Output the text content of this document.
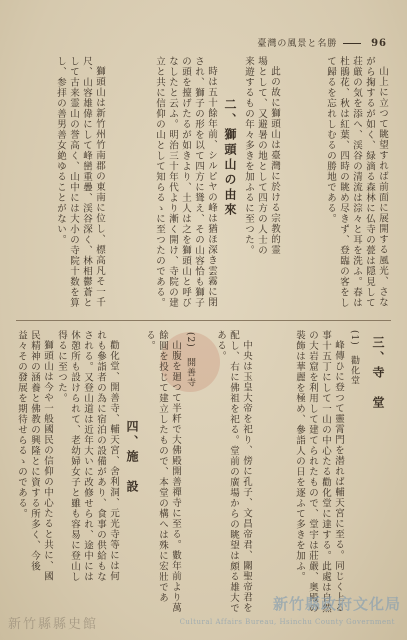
臺灣の風景と名勝	96

山上に立つて眺望すれば前面に展開する風光、さながら掬するが如く、緑滴る森林に仏寺の甍は隠見して荘厳の気を添へ、渓谷の清流は淙々と耳を洗ふ。春は杜鵑花、秋は紅葉、四時の眺め尽きず、登臨の客をして歸るを忘れしむるの勝地である。

此の故に獅頭山は臺灣に於ける宗教的霊場として、又避暑の地として四方の人士の来遊するもの年々多きを加ふるに至つた。

二、獅頭山の由來

時は五十餘年前、シルピヤの峰は猶ほ深き雲霧に閉され、獅子の形を以て四方に聳え、その山容恰も獅子の頭を擡げたるが如きより、土人は之を獅頭山と呼びなしたと云ふ。明治三十年代より漸く開け、寺院の建立と共に信仰の山として知らるゝに至つたのである。

獅頭山は新竹州竹南郡の東南に位し、標高凡そ一千尺、山容雄偉にして峰巒重疊、渓谷深く、林相鬱蒼として古来霊山の誉高く、山中には大小の寺院十数を算し、参拝の善男善女絶ゆることがない。

三、寺　堂
(1)　勸化堂

峰傳ひに登つて靈霄門を潜れば輔天宮に至る。同じく上る事十五丁にして一山の中心たる勸化堂に達する。此處は自然の大岩窟を利用して建てられたもので、堂宇は莊嚴、奥殿の裝飾は華麗を極め、參詣人の日を逐ふて多きを加ふ。

中央は玉皇大帝を祀り、傍に孔子、文昌帝君、關聖帝君を配し、右に佛祖を祀る。堂前の廣場からの眺望は頗る雄大である。

(2)　開善寺

山腹を廻つて半粁で大佛殿開善禪寺に至る。數年前より萬餘圓を投じて建立したもので、本堂の構へは殊に宏壯である。

四、施　設

勸化堂、開善寺、輔天宮、舍利洞、元光寺等には何れも參詣者の為に宿泊の設備があり、食事の供給もなされる。又登山道は近年大いに改修せられ、途中には休憩所も設けられて、老幼婦女子と雖も容易に登山し得るに至つた。

獅頭山は今や一般國民の信仰の中心たると共に、國民精神の涵養と佛教の興隆とに資する所多く、今後益々その發展を期待せらるゝのである。

新竹縣縣史館
新竹縣政府文化局
Cultural Affairs Bureau, Hsinchu County Government
